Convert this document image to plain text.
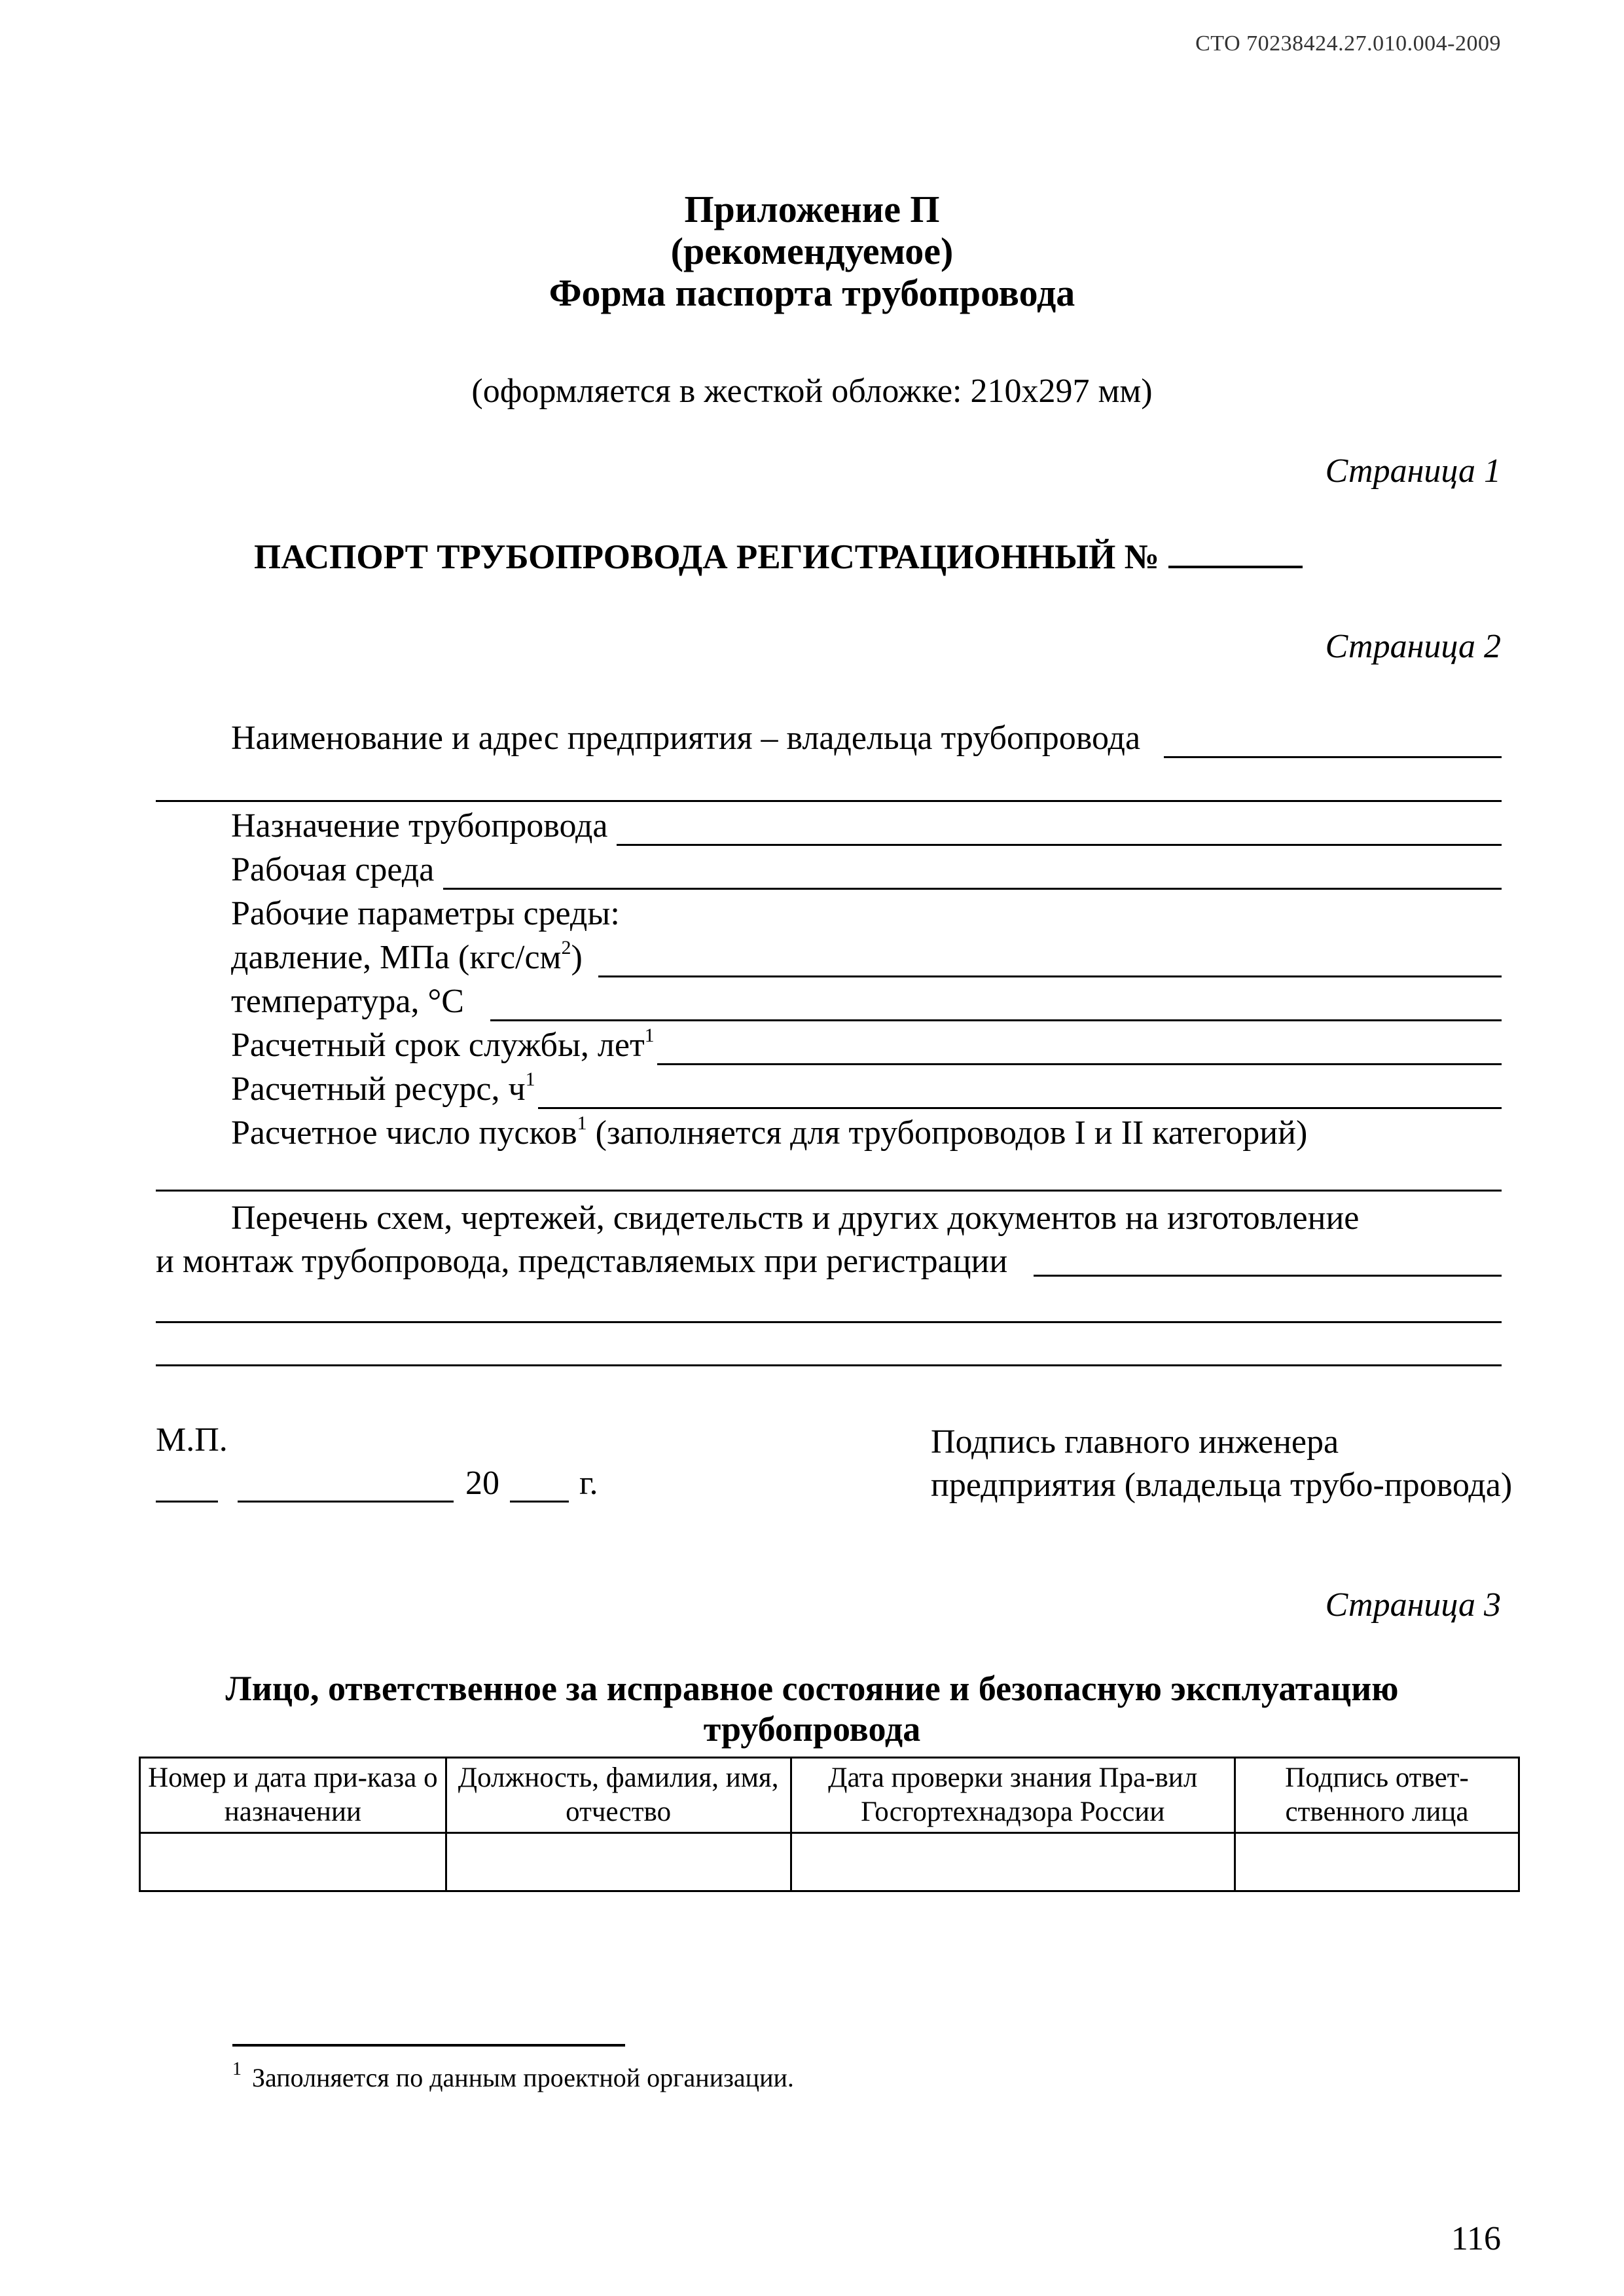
СТО 70238424.27.010.004-2009
Приложение П
(рекомендуемое)
Форма паспорта трубопровода
(оформляется в жесткой обложке: 210х297 мм)
Страница 1
ПАСПОРТ ТРУБОПРОВОДА РЕГИСТРАЦИОННЫЙ №
Страница 2
Наименование и адрес предприятия – владельца трубопровода
Назначение трубопровода
Рабочая среда
Рабочие параметры среды:
давление, МПа $(кгс/см^2)$
температура, °С
Расчетный срок службы, лет$^1$
Расчетный ресурс, $ч^1$
Расчетное число пусков$^1$ (заполняется для трубопроводов I и II категорий)
Перечень схем, чертежей, свидетельств и других документов на изготовление
и монтаж трубопровода, представляемых при регистрации
М.П.
20 г.
Подпись главного инженера предприятия (владельца трубо-провода)
Страница 3
Лицо, ответственное за исправное состояние и безопасную эксплуатацию
трубопровода
Номер и дата при-каза о назначении	Должность, фамилия, имя, отчество	Дата проверки знания Пра-вил Госгортехнадзора России	Подпись ответ-ственного лица

$^1$ Заполняется по данным проектной организации.
116
